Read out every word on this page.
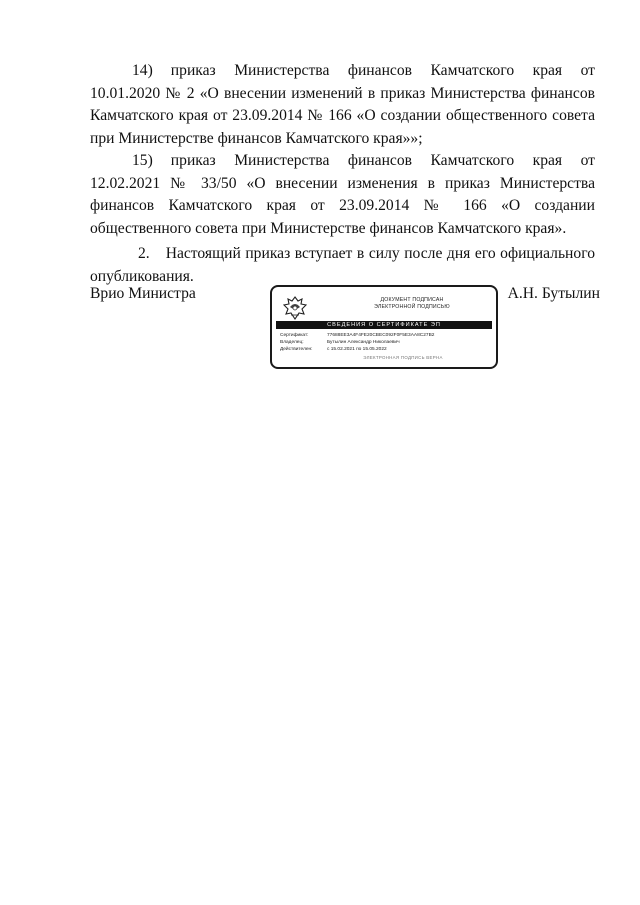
14) приказ Министерства финансов Камчатского края от 10.01.2020 № 2 «О внесении изменений в приказ Министерства финансов Камчатского края от 23.09.2014 № 166 «О создании общественного совета при Министерстве финансов Камчатского края»»;

15) приказ Министерства финансов Камчатского края от 12.02.2021 № 33/50 «О внесении изменения в приказ Министерства финансов Камчатского края от 23.09.2014 № 166 «О создании общественного совета при Министерстве финансов Камчатского края».

2. Настоящий приказ вступает в силу после дня его официального опубликования.

Врио Министра	ДОКУМЕНТ ПОДПИСАН
ЭЛЕКТРОННОЙ ПОДПИСЬЮ
СВЕДЕНИЯ О СЕРТИФИКАТЕ ЭП
Сертификат:	77688EE3A4F4FE20CBEC092F0F5E3AA8C27B2
Владелец:	Бутылин Александр Николаевич
Действителен:	с 15.02.2021 по 15.05.2022
ЭЛЕКТРОННАЯ ПОДПИСЬ ВЕРНА
А.Н. Бутылин
